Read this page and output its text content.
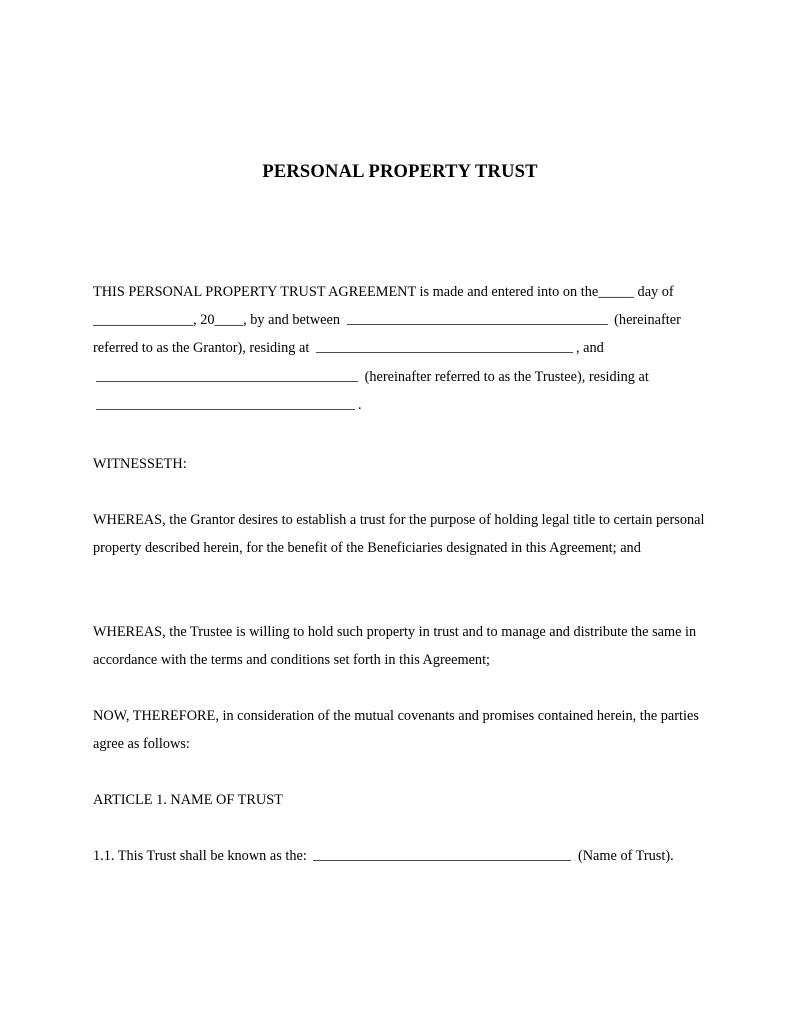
PERSONAL PROPERTY TRUST

THIS PERSONAL PROPERTY TRUST AGREEMENT is made and entered into on the_____ day of ______________, 20____, by and between	(hereinafter referred to as the Grantor), residing at	, and  (hereinafter referred to as the Trustee), residing at .

WITNESSETH:

WHEREAS, the Grantor desires to establish a trust for the purpose of holding legal title to certain personal property described herein, for the benefit of the Beneficiaries designated in this Agreement; and

WHEREAS, the Trustee is willing to hold such property in trust and to manage and distribute the same in accordance with the terms and conditions set forth in this Agreement;

NOW, THEREFORE, in consideration of the mutual covenants and promises contained herein, the parties agree as follows:

ARTICLE 1. NAME OF TRUST

1.1. This Trust shall be known as the:	(Name of Trust).
